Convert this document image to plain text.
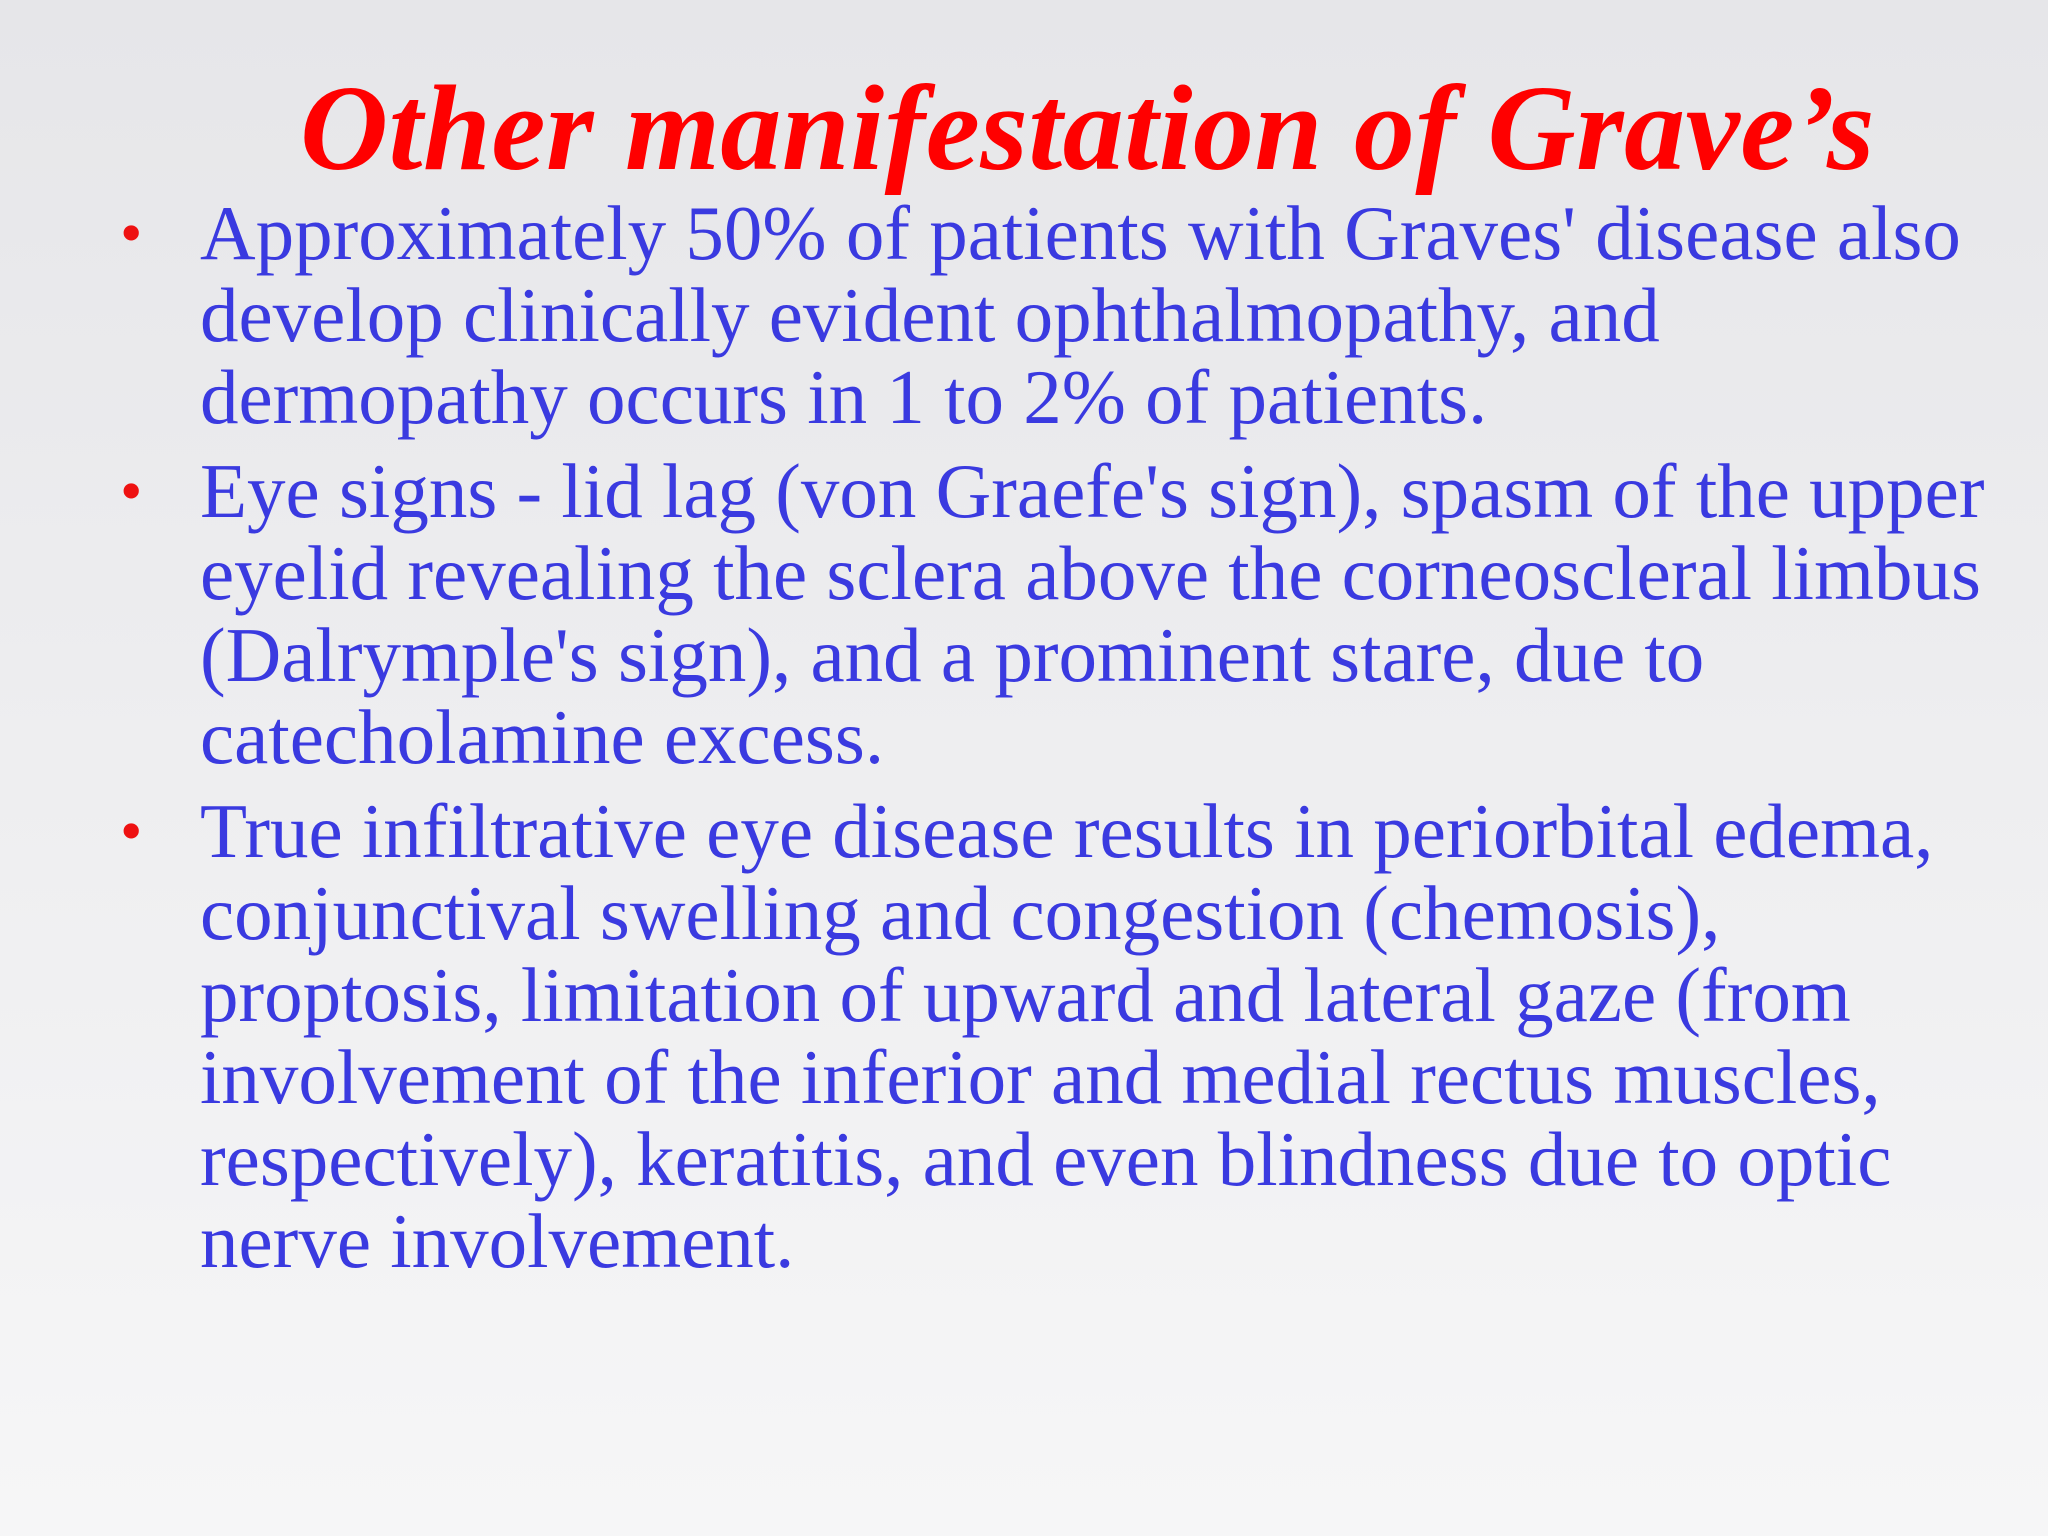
Other manifestation of Grave’s
• Approximately 50% of patients with Graves' disease also develop clinically evident ophthalmopathy, and dermopathy occurs in 1 to 2% of patients.
• Eye signs - lid lag (von Graefe's sign), spasm of the upper eyelid revealing the sclera above the corneoscleral limbus (Dalrymple's sign), and a prominent stare, due to catecholamine excess.
• True infiltrative eye disease results in periorbital edema, conjunctival swelling and congestion (chemosis), proptosis, limitation of upward and lateral gaze (from involvement of the inferior and medial rectus muscles, respectively), keratitis, and even blindness due to optic nerve involvement.
